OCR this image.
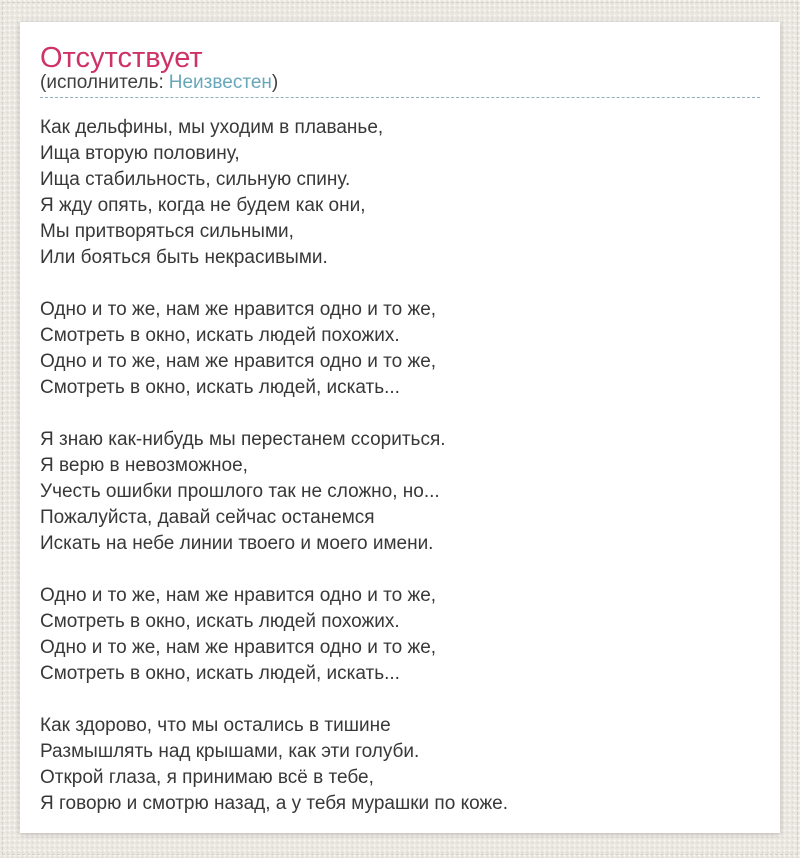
Отсутствует

(исполнитель: Неизвестен)

Как дельфины, мы уходим в плаванье,
Ища вторую половину,
Ища стабильность, сильную спину.
Я жду опять, когда не будем как они,
Мы притворяться сильными,
Или бояться быть некрасивыми.
Одно и то же, нам же нравится одно и то же,
Смотреть в окно, искать людей похожих.
Одно и то же, нам же нравится одно и то же,
Смотреть в окно, искать людей, искать...
Я знаю как-нибудь мы перестанем ссориться.
Я верю в невозможное,
Учесть ошибки прошлого так не сложно, но...
Пожалуйста, давай сейчас останемся
Искать на небе линии твоего и моего имени.
Одно и то же, нам же нравится одно и то же,
Смотреть в окно, искать людей похожих.
Одно и то же, нам же нравится одно и то же,
Смотреть в окно, искать людей, искать...
Как здорово, что мы остались в тишине
Размышлять над крышами, как эти голуби.
Открой глаза, я принимаю всё в тебе,
Я говорю и смотрю назад, а у тебя мурашки по коже.
